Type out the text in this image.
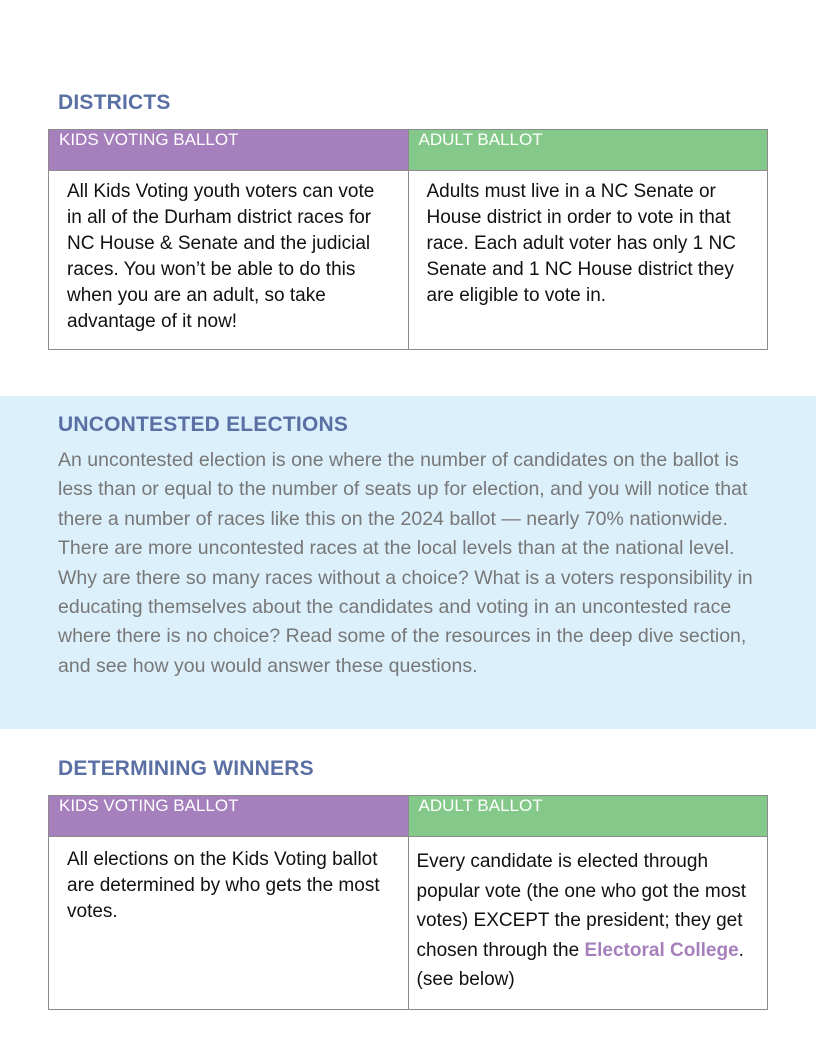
DISTRICTS
KIDS VOTING BALLOT	ADULT BALLOT
All Kids Voting youth voters can vote in all of the Durham district races for NC House & Senate and the judicial races. You won’t be able to do this when you are an adult, so take advantage of it now!	Adults must live in a NC Senate or House district in order to vote in that race. Each adult voter has only 1 NC Senate and 1 NC House district they are eligible to vote in.
UNCONTESTED ELECTIONS

An uncontested election is one where the number of candidates on the ballot is less than or equal to the number of seats up for election, and you will notice that there a number of races like this on the 2024 ballot — nearly 70% nationwide. There are more uncontested races at the local levels than at the national level. Why are there so many races without a choice? What is a voters responsibility in educating themselves about the candidates and voting in an uncontested race where there is no choice? Read some of the resources in the deep dive section, and see how you would answer these questions.

DETERMINING WINNERS
KIDS VOTING BALLOT	ADULT BALLOT
All elections on the Kids Voting ballot are determined by who gets the most votes.	Every candidate is elected through popular vote (the one who got the most votes) EXCEPT the president; they get chosen through the Electoral College. (see below)
